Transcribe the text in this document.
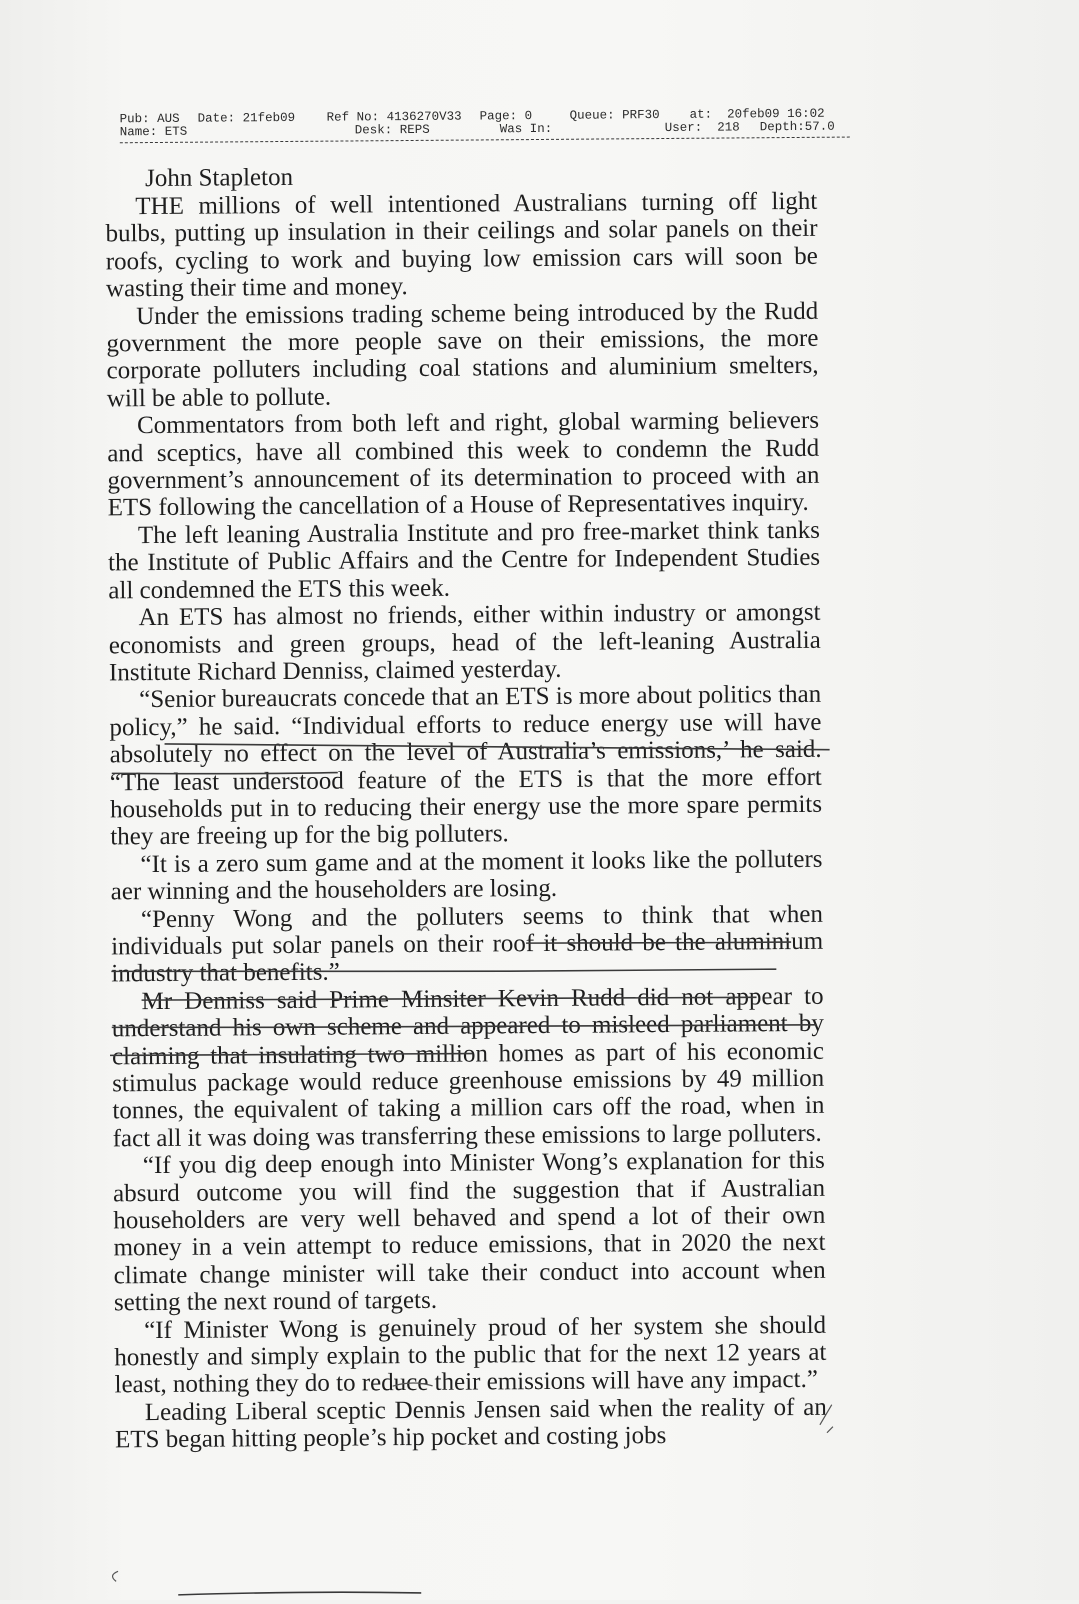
Pub: AUS

Date: 21feb09

	Ref No: 4136270V33

Page: 0

	Queue: PRF30

at:  20feb09 16:02

Name: ETS

	Desk: REPS

	Was In:

	User:  218

Depth:57.0

John Stapleton

THE millions of well intentioned Australians turning off light bulbs, putting up insulation in their ceilings and solar panels on their roofs, cycling to work and buying low emission cars will soon be wasting their time and money.

Under the emissions trading scheme being introduced by the Rudd government the more people save on their emissions, the more corporate polluters including coal stations and aluminium smelters, will be able to pollute.

Commentators from both left and right, global warming believers and sceptics, have all combined this week to condemn the Rudd government’s announcement of its determination to proceed with an ETS following the cancellation of a House of Representatives inquiry.

The left leaning Australia Institute and pro free-market think tanks the Institute of Public Affairs and the Centre for Independent Studies all condemned the ETS this week.

An ETS has almost no friends, either within industry or amongst economists and green groups, head of the left-leaning Australia Institute Richard Denniss, claimed yesterday.

“Senior bureaucrats concede that an ETS is more about politics than policy,” he said. “Individual efforts to reduce energy use will have absolutely no effect on the level of Australia’s emissions,’ he said. “The least understood feature of the ETS is that the more effort households put in to reducing their energy use the more spare permits they are freeing up for the big polluters.

“It is a zero sum game and at the moment it looks like the polluters aer winning and the householders are losing.

“Penny Wong and the polluters seems to think that when individuals put solar panels on their roof it should be the aluminium industry that benefits.”

Mr Denniss said Prime Minsiter Kevin Rudd did not appear to understand his own scheme and appeared to misleed parliament by claiming that insulating two million homes as part of his economic stimulus package would reduce greenhouse emissions by 49 million tonnes, the equivalent of taking a million cars off the road, when in fact all it was doing was transferring these emissions to large polluters.

“If you dig deep enough into Minister Wong’s explanation for this absurd outcome you will find the suggestion that if Australian householders are very well behaved and spend a lot of their own money in a vein attempt to reduce emissions, that in 2020 the next climate change minister will take their conduct into account when setting the next round of targets.

“If Minister Wong is genuinely proud of her system she should honestly and simply explain to the public that for the next 12 years at least, nothing they do to reduce their emissions will have any impact.”

Leading Liberal sceptic Dennis Jensen said when the reality of an ETS began hitting people’s hip pocket and costing jobs
